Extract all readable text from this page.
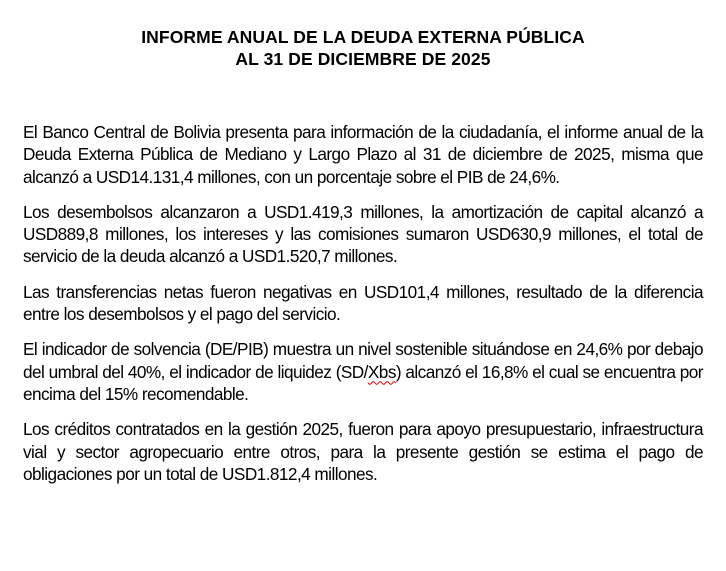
INFORME ANUAL DE LA DEUDA EXTERNA PÚBLICA
AL 31 DE DICIEMBRE DE 2025

El Banco Central de Bolivia presenta para información de la ciudadanía, el informe anual de la Deuda Externa Pública de Mediano y Largo Plazo al 31 de diciembre de 2025, misma que alcanzó a USD14.131,4 millones, con un porcentaje sobre el PIB de 24,6%.

Los desembolsos alcanzaron a USD1.419,3 millones, la amortización de capital alcanzó a USD889,8 millones, los intereses y las comisiones sumaron USD630,9 millones, el total de servicio de la deuda alcanzó a USD1.520,7 millones.

Las transferencias netas fueron negativas en USD101,4 millones, resultado de la diferencia entre los desembolsos y el pago del servicio.

El indicador de solvencia (DE/PIB) muestra un nivel sostenible situándose en 24,6% por debajo del umbral del 40%, el indicador de liquidez (SD/Xbs) alcanzó el 16,8% el cual se encuentra por encima del 15% recomendable.

Los créditos contratados en la gestión 2025, fueron para apoyo presupuestario, infraestructura vial y sector agropecuario entre otros, para la presente gestión se estima el pago de obligaciones por un total de USD1.812,4 millones.
